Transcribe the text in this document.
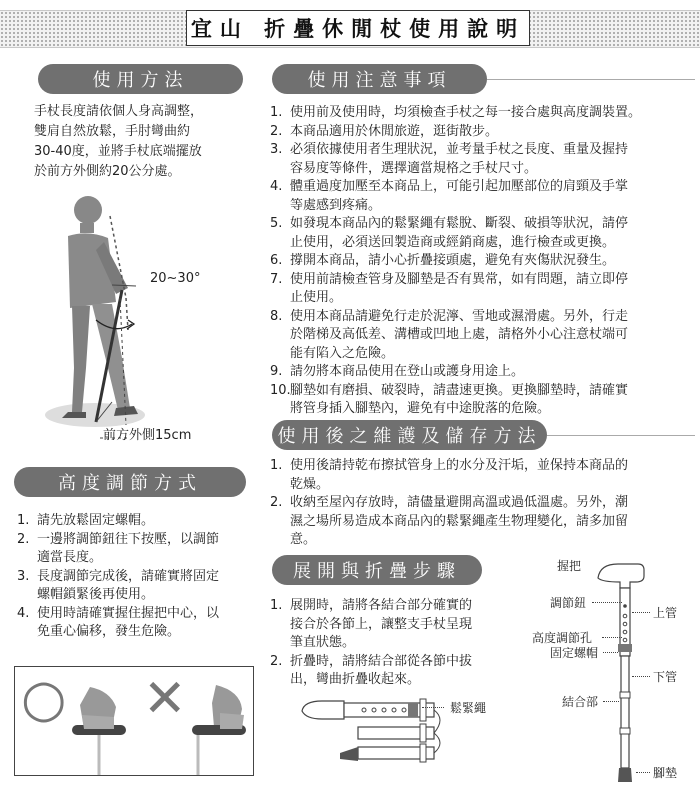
宜山 折疊休閒杖使用說明
使用方法
手杖長度請依個人身高調整，
雙肩自然放鬆，手肘彎曲約
30-40度，並將手杖底端擺放
於前方外側約20公分處。
20~30°
前方外側15cm
使用注意事項
1. 使用前及使用時，均須檢查手杖之每一接合處與高度調裝置。
2. 本商品適用於休閒旅遊，逛街散步。
3. 必須依據使用者生理狀況，並考量手杖之長度、重量及握持
容易度等條件，選擇適當規格之手杖尺寸。
4. 體重過度加壓至本商品上，可能引起加壓部位的肩頸及手掌
等處感到疼痛。
5. 如發現本商品內的鬆緊繩有鬆脫、斷裂、破損等狀況，請停
止使用，必須送回製造商或經銷商處，進行檢查或更換。
6. 撐開本商品，請小心折疊接頭處，避免有夾傷狀況發生。
7. 使用前請檢查管身及腳墊是否有異常，如有問題，請立即停
止使用。
8. 使用本商品請避免行走於泥濘、雪地或濕滑處。另外，行走
於階梯及高低差、溝槽或凹地上處，請格外小心注意杖端可
能有陷入之危險。
9. 請勿將本商品使用在登山或護身用途上。
10. 腳墊如有磨損、破裂時，請盡速更換。更換腳墊時，請確實
將管身插入腳墊內，避免有中途脫落的危險。
使用後之維護及儲存方法
1. 使用後請持乾布擦拭管身上的水分及汗垢，並保持本商品的
乾燥。
2. 收納至屋內存放時，請儘量避開高溫或過低溫處。另外，潮
濕之場所易造成本商品內的鬆緊繩產生物理變化，請多加留
意。
高度調節方式
1. 請先放鬆固定螺帽。
2. 一邊將調節鈕往下按壓，以調節
適當長度。
3. 長度調節完成後，請確實將固定
螺帽鎖緊後再使用。
4. 使用時請確實握住握把中心，以
免重心偏移，發生危險。
○ ✕
展開與折疊步驟
1. 展開時，請將各結合部分確實的
接合於各節上，讓整支手杖呈現
筆直狀態。
2. 折疊時，請將結合部從各節中拔
出，彎曲折疊收起來。
鬆緊繩
握把
調節鈕
上管
高度調節孔
固定螺帽
下管
結合部
腳墊
